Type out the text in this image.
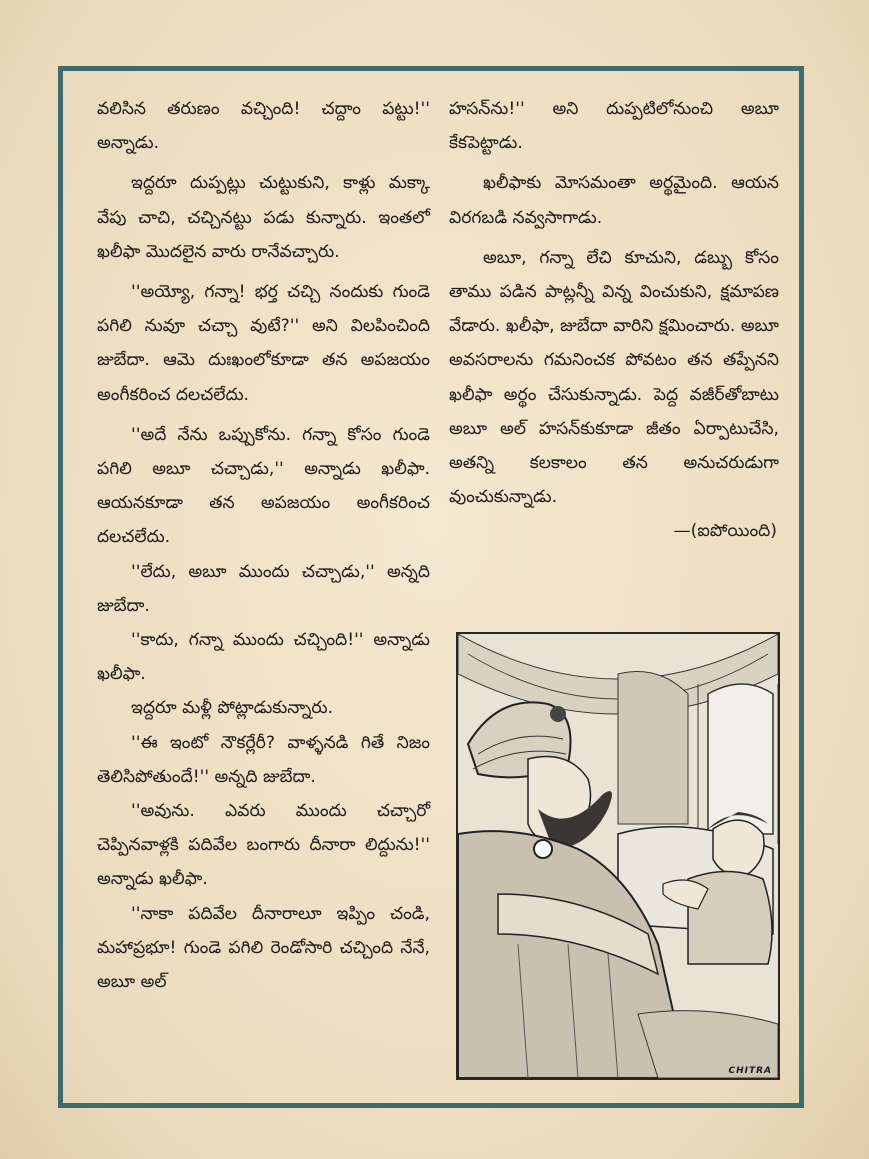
వలిసిన తరుణం వచ్చింది! చద్దాం పట్టు!'' అన్నాడు.

ఇద్దరూ దుప్పట్లు చుట్టుకుని, కాళ్లు మక్కా వేపు చాచి, చచ్చినట్టు పడు కున్నారు. ఇంతలో ఖలీఫా మొదలైన వారు రానేవచ్చారు.

''అయ్యో, గన్నా! భర్త చచ్చి నందుకు గుండె పగిలి నువూ చచ్చా వుటే?'' అని విలపించింది జుబేదా. ఆమె దుఃఖంలోకూడా తన అపజయం అంగీకరించ దలచలేదు.

''అదే నేను ఒప్పుకోను. గన్నా కోసం గుండె పగిలి అబూ చచ్చాడు,'' అన్నాడు ఖలీఫా. ఆయనకూడా తన అపజయం అంగీకరించ దలచలేదు.

''లేదు, అబూ ముందు చచ్చాడు,'' అన్నది జుబేదా.

''కాదు, గన్నా ముందు చచ్చింది!'' అన్నాడు ఖలీఫా.

ఇద్దరూ మళ్లీ పోట్లాడుకున్నారు.

''ఈ ఇంటో నౌకర్లేరీ? వాళ్ళనడి గితే నిజం తెలిసిపోతుందే!'' అన్నది జుబేదా.

''అవును. ఎవరు ముందు చచ్చారో చెప్పినవాళ్లకి పదివేల బంగారు దీనారా లిద్దును!'' అన్నాడు ఖలీఫా.

''నాకా పదివేల దీనారాలూ ఇప్పిం చండి, మహాప్రభూ! గుండె పగిలి రెండోసారి చచ్చింది నేనే, అబూ అల్

హసన్‌ను!'' అని దుప్పటిలోనుంచి అబూ కేకపెట్టాడు.

ఖలీఫాకు మోసమంతా అర్థమైంది. ఆయన విరగబడి నవ్వసాగాడు.

అబూ, గన్నా లేచి కూచుని, డబ్బు కోసం తాము పడిన పాట్లన్నీ విన్న వించుకుని, క్షమాపణ వేడారు. ఖలీఫా, జుబేదా వారిని క్షమించారు. అబూ అవసరాలను గమనించక పోవటం తన తప్పేనని ఖలీఫా అర్థం చేసుకున్నాడు. పెద్ద వజీర్‌తోబాటు అబూ అల్ హసన్‌కుకూడా జీతం ఏర్పాటుచేసి, అతన్ని కలకాలం తన అనుచరుడుగా వుంచుకున్నాడు.

—(ఐపోయింది)

CHITRA
